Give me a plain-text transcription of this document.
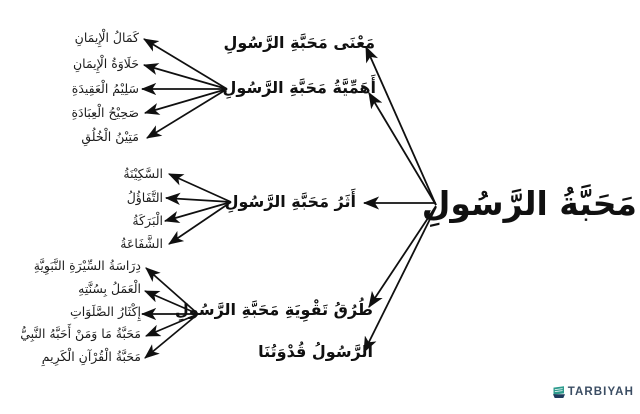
مَحَبَّةُ الرَّسُولِ
مَعْنَى مَحَبَّةِ الرَّسُولِ
أَهَمِّيَّةُ مَحَبَّةِ الرَّسُولِ
أَثَرُ مَحَبَّةِ الرَّسُولِ
طُرُقُ تَقْوِيَةِ مَحَبَّةِ الرَّسُولِ
الرَّسُولُ قُدْوَتُنَا
كَمَالُ الْإِيمَانِ
حَلَاوَةُ الْإِيمَانِ
سَلِيْمُ الْعَقِيدَةِ
صَحِيْحُ الْعِبَادَةِ
مَتِيْنُ الْخُلُقِ
السَّكِيْنَةُ
التَّفَاؤُلُ
الْبَرَكَةُ
الشَّفَاعَةُ
دِرَاسَةُ السِّيْرَةِ النَّبَوِيَّةِ
الْعَمَلُ بِسُنَّتِهِ
إِكْثَارُ الصَّلَوَاتِ
مَحَبَّةُ مَا وَمَنْ أَحَبَّهُ النَّبِيُّ
مَحَبَّةُ الْقُرْآنِ الْكَرِيمِ
TARBIYAH
